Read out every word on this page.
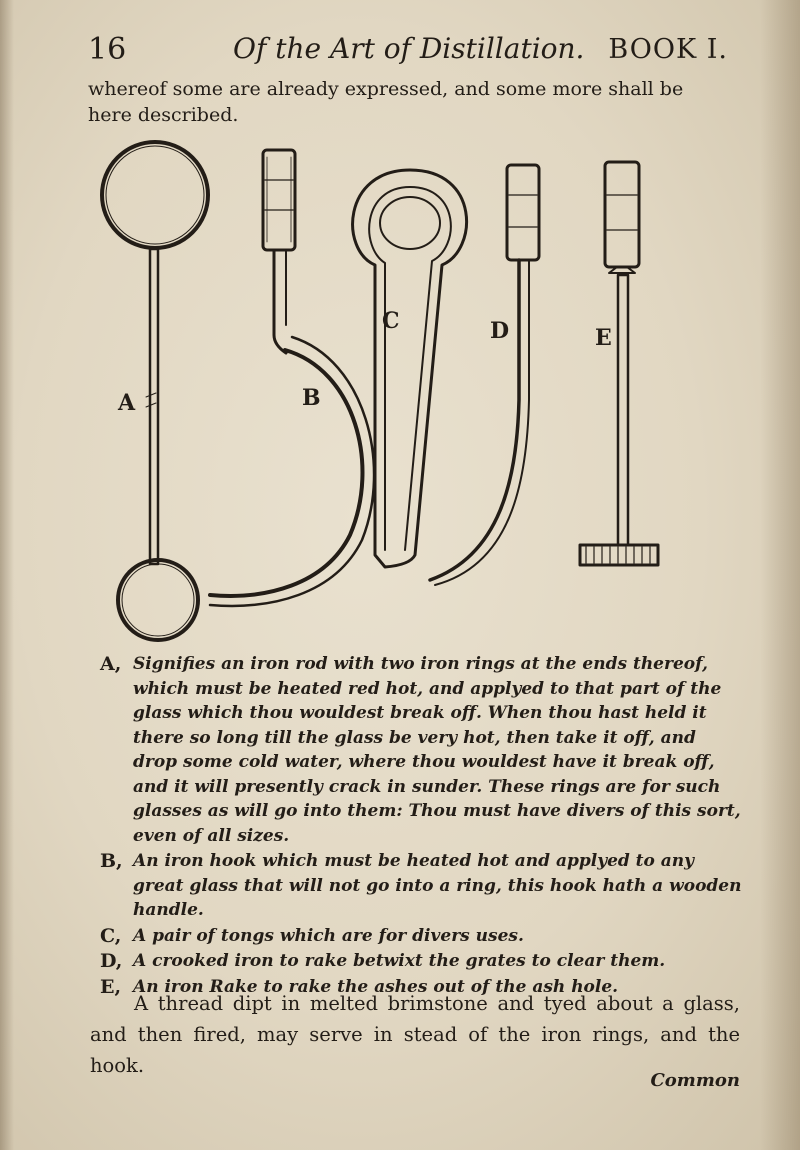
16	Of the Art of Distillation. BOOK I.
whereof some are already expressed, and some more shall be here described.
A	B
C	D	E
A, Signifies an iron rod with two iron rings at the ends thereof, which must be heated red hot, and applyed to that part of the glass which thou wouldest break off. When thou hast held it there so long till the glass be very hot, then take it off, and drop some cold water, where thou wouldest have it break off, and it will presently crack in sunder. These rings are for such glasses as will go into them: Thou must have divers of this sort, even of all sizes.
B, An iron hook which must be heated hot and applyed to any great glass that will not go into a ring, this hook hath a wooden handle.
C, A pair of tongs which are for divers uses.
D, A crooked iron to rake betwixt the grates to clear them.
E, An iron Rake to rake the ashes out of the ash hole.
A thread dipt in melted brimstone and tyed about a glass, and then fired, may serve in stead of the iron rings, and the hook.
Common
